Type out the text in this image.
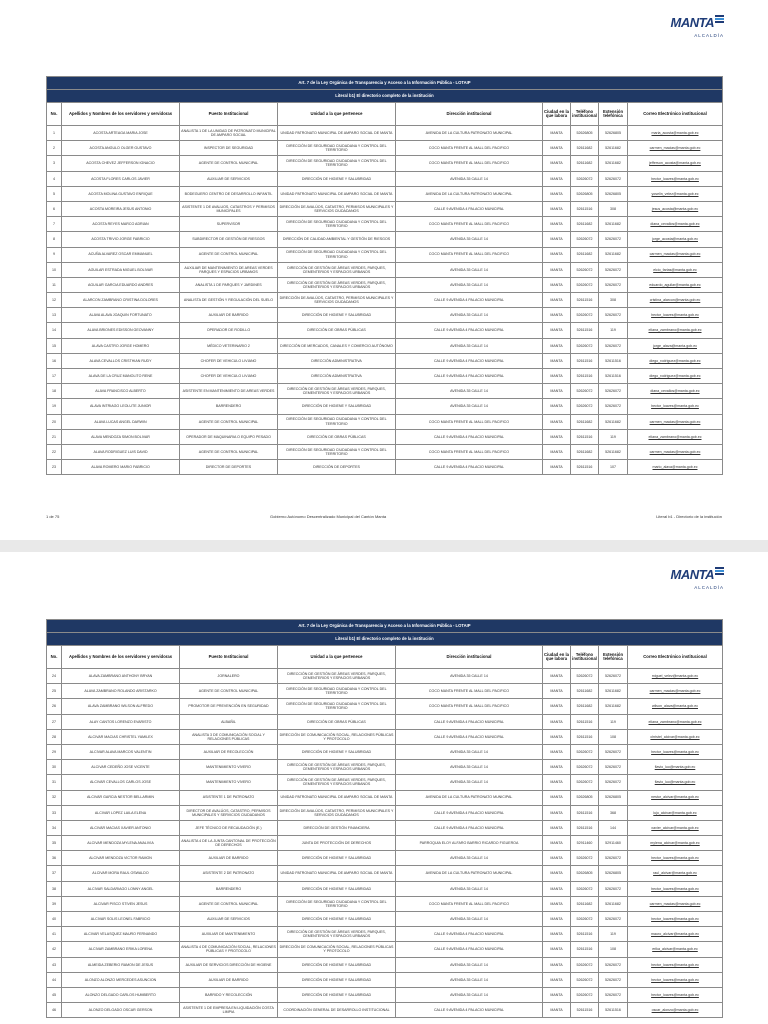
MANTA
ALCALDÍA
Art. 7 de la Ley Orgánica de Transparencia y Acceso a la Información Pública - LOTAIP								
Literal b1) El directorio completo de la institución								
No.	Apellidos y Nombres de los servidores y servidoras	Puesto Institucional	Unidad a la que pertenece	Dirección institucional	Ciudad en la que labora	Teléfono institucional	Extensión telefónica	Correo Electrónico institucional
1	ACOSTA ARTEAGA MARIA JOSE	ANALISTA 1 DE LA UNIDAD DE PATRONATO MUNICIPAL DE AMPARO SOCIAL	UNIDAD PATRONATO MUNICIPAL DE AMPARO SOCIAL DE MANTA	AVENIDA DE LA CULTURA PATRONATO MUNICIPAL	MANTA	52626805	52626805	maria_acosta@manta.gob.ec
2	ACOSTA ANGULO OLGER GUSTAVO	INSPECTOR DE SEGURIDAD	DIRECCIÓN DE SEGURIDAD CIUDADANA Y CONTROL DEL TERRITORIO	COCO MANTA FRENTE AL MALL DEL PACIFICO	MANTA	52611682	52611682	carmen_macias@manta.gob.ec
3	ACOSTA CHEVEZ JEFFERSON IGNACIO	AGENTE DE CONTROL MUNICIPAL	DIRECCIÓN DE SEGURIDAD CIUDADANA Y CONTROL DEL TERRITORIO	COCO MANTA FRENTE AL MALL DEL PACIFICO	MANTA	52611682	52611682	jefferson_acosta@manta.gob.ec
4	ACOSTA FLORES CARLOS JAVIER	AUXILIAR DE SERVICIOS	DIRECCIÓN DE HIGIENE Y SALUBRIDAD	AVENIDA 35 CALLE 14	MANTA	52626072	52626072	hector_loaves@manta.gob.ec
5	ACOSTA MOLINA GUSTAVO ENRIQUE	BODEGUERO CENTRO DE DESARROLLO INFANTIL	UNIDAD PATRONATO MUNICIPAL DE AMPARO SOCIAL DE MANTA	AVENIDA DE LA CULTURA PATRONATO MUNICIPAL	MANTA	52626805	52626805	yoselin_velez@manta.gob.ec
6	ACOSTA MOREIRA JESUS ANTONIO	ASISTENTE 1 DE AVALUOS, CATASTROS Y PERMISOS MUNICIPALES	DIRECCIÓN DE AVALÚOS, CATASTRO, PERMISOS MUNICIPALES Y SERVICIOS CIUDADANOS	CALLE 9 AVENIDA 4 PALACIO MUNICIPAL	MANTA	52611516	308	jesus_acosta@manta.gob.ec
7	ACOSTA REYES MARCO ADRIAN	SUPERVISOR	DIRECCIÓN DE SEGURIDAD CIUDADANA Y CONTROL DEL TERRITORIO	COCO MANTA FRENTE AL MALL DEL PACIFICO	MANTA	52611682	52611682	diana_cevallos@manta.gob.ec
8	ACOSTA TRIVIO JORGE FABRICIO	SUBDIRECTOR DE GESTIÓN DE RIESGOS	DIRECCIÓN DE CALIDAD AMBIENTAL Y GESTIÓN DE RIESGOS	AVENIDA 35 CALLE 14	MANTA	52626072	52626072	jorge_acosta@manta.gob.ec
9	ACUÑA ALVAREZ OSCAR EMMANUEL	AGENTE DE CONTROL MUNICIPAL	DIRECCIÓN DE SEGURIDAD CIUDADANA Y CONTROL DEL TERRITORIO	COCO MANTA FRENTE AL MALL DEL PACIFICO	MANTA	52611682	52611682	carmen_macias@manta.gob.ec
10	AGUILAR ESTRADA MIGUEL BOLIVAR	AUXILIAR DE MANTENIMIENTO DE AREAS VERDES PARQUES Y ESPACIOS URBANOS	DIRECCIÓN DE GESTIÓN DE ÁREAS VERDES, PARQUES, CEMENTERIOS Y ESPACIOS URBANOS	AVENIDA 35 CALLE 14	MANTA	52626072	52626072	elcio_farias@manta.gob.ec
11	AGUILAR GARCIA EDUARDO ANDRES	ANALISTA 1 DE PARQUES Y JARDINES	DIRECCIÓN DE GESTIÓN DE ÁREAS VERDES, PARQUES, CEMENTERIOS Y ESPACIOS URBANOS	AVENIDA 35 CALLE 14	MANTA	52626072	52626072	eduardo_aguilar@manta.gob.ec
12	ALARCON ZAMBRANO CRISTINA DOLORES	ANALISTA DE GESTIÓN Y REGULACIÓN DEL SUELO	DIRECCIÓN DE AVALÚOS, CATASTRO, PERMISOS MUNICIPALES Y SERVICIOS CIUDADANOS	CALLE 9 AVENIDA 4 PALACIO MUNICIPAL	MANTA	52611516	308	cristina_alarcon@manta.gob.ec
13	ALAVA ALAVA JOAQUIN FORTUNATO	AUXILIAR DE BARRIDO	DIRECCIÓN DE HIGIENE Y SALUBRIDAD	AVENIDA 35 CALLE 14	MANTA	52626072	52626072	hector_loaves@manta.gob.ec
14	ALAVA BRIONES EDISSON GEOVANNY	OPERADOR DE RODILLO	DIRECCIÓN DE OBRAS PÚBLICAS	CALLE 9 AVENIDA 4 PALACIO MUNICIPAL	MANTA	52611516	119	eliana_zambrano@manta.gob.ec
15	ALAVA CASTRO JORGE HOMERO	MÉDICO VETERINARIO 2	DIRECCIÓN DE MERCADOS, CANALES Y COMERCIO AUTÓNOMO	AVENIDA 35 CALLE 14	MANTA	52626072	52626072	jorge_alava@manta.gob.ec
16	ALAVA CEVALLOS CRISTHIAN RUDY	CHOFER DE VEHICULO LIVIANO	DIRECCIÓN ADMINISTRATIVA	CALLE 9 AVENIDA 4 PALACIO MUNICIPAL	MANTA	52611516	52611516	diego_rodriguez@manta.gob.ec
17	ALAVA DE LA CRUZ MANOLITO RENE	CHOFER DE VEHICULO LIVIANO	DIRECCIÓN ADMINISTRATIVA	CALLE 9 AVENIDA 4 PALACIO MUNICIPAL	MANTA	52611516	52611516	diego_rodriguez@manta.gob.ec
18	ALAVA FRANCISCO ALBERTO	ASISTENTE EN MANTENIMIENTO DE AREAS VERDES	DIRECCIÓN DE GESTIÓN DE ÁREAS VERDES, PARQUES, CEMENTERIOS Y ESPACIOS URBANOS	AVENIDA 35 CALLE 14	MANTA	52626072	52626072	diana_cevallos@manta.gob.ec
19	ALAVA INTRIAGO LEOLUTE JUNIOR	BARRENDERO	DIRECCIÓN DE HIGIENE Y SALUBRIDAD	AVENIDA 35 CALLE 14	MANTA	52626072	52626072	hector_loaves@manta.gob.ec
20	ALAVA LUCAS ANGEL DARWIN	AGENTE DE CONTROL MUNICIPAL	DIRECCIÓN DE SEGURIDAD CIUDADANA Y CONTROL DEL TERRITORIO	COCO MANTA FRENTE AL MALL DEL PACIFICO	MANTA	52611682	52611682	carmen_macias@manta.gob.ec
21	ALAVA MENDOZA SIMON BOLIVAR	OPERADOR DE MAQUINARIA O EQUIPO PESADO	DIRECCIÓN DE OBRAS PÚBLICAS	CALLE 9 AVENIDA 4 PALACIO MUNICIPAL	MANTA	52611516	119	eliana_zambrano@manta.gob.ec
22	ALAVA RODRIGUEZ LUIS DAVID	AGENTE DE CONTROL MUNICIPAL	DIRECCIÓN DE SEGURIDAD CIUDADANA Y CONTROL DEL TERRITORIO	COCO MANTA FRENTE AL MALL DEL PACIFICO	MANTA	52611682	52611682	carmen_macias@manta.gob.ec
23	ALAVA ROMERO MARIO FABRICIO	DIRECTOR DE DEPORTES	DIRECCIÓN DE DEPORTES	CALLE 9 AVENIDA 4 PALACIO MUNICIPAL	MANTA	52611516	107	mario_alava@manta.gob.ec
1 de 75	Gobierno Autónomo Descentralizado Municipal del Cantón Manta	Literal b1 - Directorio de la institución
MANTA
ALCALDÍA
Art. 7 de la Ley Orgánica de Transparencia y Acceso a la Información Pública - LOTAIP								
Literal b1) El directorio completo de la institución								
No.	Apellidos y Nombres de los servidores y servidoras	Puesto Institucional	Unidad a la que pertenece	Dirección institucional	Ciudad en la que labora	Teléfono institucional	Extensión telefónica	Correo Electrónico institucional
24	ALAVA ZAMBRANO ANTHONY BRYAN	JORNALERO	DIRECCIÓN DE GESTIÓN DE ÁREAS VERDES, PARQUES, CEMENTERIOS Y ESPACIOS URBANOS	AVENIDA 35 CALLE 14	MANTA	52626072	52626072	miguel_velez@manta.gob.ec
25	ALAVA ZAMBRANO ROLANDO ARISTARKO	AGENTE DE CONTROL MUNICIPAL	DIRECCIÓN DE SEGURIDAD CIUDADANA Y CONTROL DEL TERRITORIO	COCO MANTA FRENTE AL MALL DEL PACIFICO	MANTA	52611682	52611682	carmen_macias@manta.gob.ec
26	ALAVA ZAMBRANO WILSON ALFREDO	PROMOTOR DE PREVENCIÓN EN SEGURIDAD	DIRECCIÓN DE SEGURIDAD CIUDADANA Y CONTROL DEL TERRITORIO	COCO MANTA FRENTE AL MALL DEL PACIFICO	MANTA	52611682	52611682	wilson_alava@manta.gob.ec
27	ALAY CANTOS LORENZO EVARISTO	ALBAÑIL	DIRECCIÓN DE OBRAS PÚBLICAS	CALLE 9 AVENIDA 4 PALACIO MUNICIPAL	MANTA	52611516	119	eliana_zambrano@manta.gob.ec
28	ALCIVAR MACIAS CHRISTEL YAMILEX	ANALISTA 3 DE COMUNICACIÓN SOCIAL Y RELACIONES PÚBLICAS	DIRECCIÓN DE COMUNICACIÓN SOCIAL, RELACIONES PÚBLICAS Y PROTOCOLO	CALLE 9 AVENIDA 4 PALACIO MUNICIPAL	MANTA	52611516	108	christel_alcivar@manta.gob.ec
29	ALCIVAR ALAVA MARCOS VALENTIN	AUXILIAR DE RECOLECCIÓN	DIRECCIÓN DE HIGIENE Y SALUBRIDAD	AVENIDA 35 CALLE 14	MANTA	52626072	52626072	hector_loaves@manta.gob.ec
30	ALCIVAR CEDEÑO JOSE VICENTE	MANTENIMIENTO VIVERO	DIRECCIÓN DE GESTIÓN DE ÁREAS VERDES, PARQUES, CEMENTERIOS Y ESPACIOS URBANOS	AVENIDA 35 CALLE 14	MANTA	52626072	52626072	flavio_luo@manta.gob.ec
31	ALCIVAR CEVALLOS CARLOS JOSE	MANTENIMIENTO VIVERO	DIRECCIÓN DE GESTIÓN DE ÁREAS VERDES, PARQUES, CEMENTERIOS Y ESPACIOS URBANOS	AVENIDA 35 CALLE 14	MANTA	52626072	52626072	flavio_luo@manta.gob.ec
32	ALCIVAR GARCIA NESTOR BELLARMIN	ASISTENTE 1 DE PATRONATO	UNIDAD PATRONATO MUNICIPAL DE AMPARO SOCIAL DE MANTA	AVENIDA DE LA CULTURA PATRONATO MUNICIPAL	MANTA	52626805	52626805	nestor_alcivar@manta.gob.ec
33	ALCIVAR LOPEZ LAILA ELENA	DIRECTOR DE AVALÚOS, CATASTRO, PERMISOS MUNICIPALES Y SERVICIOS CIUDADANOS	DIRECCIÓN DE AVALÚOS, CATASTRO, PERMISOS MUNICIPALES Y SERVICIOS CIUDADANOS	CALLE 9 AVENIDA 4 PALACIO MUNICIPAL	MANTA	52611516	368	lujo_alcivar@manta.gob.ec
34	ALCIVAR MACIAS XAVIER ANTONIO	JEFE TÉCNICO DE RECAUDACIÓN (E.)	DIRECCIÓN DE GESTIÓN FINANCIERA	CALLE 9 AVENIDA 4 PALACIO MUNICIPAL	MANTA	52611516	144	xavier_alcivar@manta.gob.ec
35	ALCIVAR MENDOZA MYLENA ANALIVIA	ANALISTA 4 DE LA JUNTA CANTONAL DE PROTECCIÓN DE DERECHOS	JUNTA DE PROTECCIÓN DE DERECHOS	PARROQUIA ELOY ALFARO BARRIO RICARDO FIGUEROA	MANTA	52911460	52911460	mylena_alcivar@manta.gob.ec
36	ALCIVAR MENDOZA VICTOR RAMON	AUXILIAR DE BARRIDO	DIRECCIÓN DE HIGIENE Y SALUBRIDAD	AVENIDA 35 CALLE 14	MANTA	52626072	52626072	hector_loaves@manta.gob.ec
37	ALCIVAR MORA RAUL OSWALDO	ASISTENTE 2 DE PATRONATO	UNIDAD PATRONATO MUNICIPAL DE AMPARO SOCIAL DE MANTA	AVENIDA DE LA CULTURA PATRONATO MUNICIPAL	MANTA	52626805	52626805	raul_alcivar@manta.gob.ec
38	ALCIVAR SALDARIAGO LONNY ANGEL	BARRENDERO	DIRECCIÓN DE HIGIENE Y SALUBRIDAD	AVENIDA 35 CALLE 14	MANTA	52626072	52626072	hector_loaves@manta.gob.ec
39	ALCIVAR PISCO STIVEN JESUS	AGENTE DE CONTROL MUNICIPAL	DIRECCIÓN DE SEGURIDAD CIUDADANA Y CONTROL DEL TERRITORIO	COCO MANTA FRENTE AL MALL DEL PACIFICO	MANTA	52611682	52611682	carmen_macias@manta.gob.ec
40	ALCIVAR SOLIS LEONEL FABRICIO	AUXILIAR DE SERVICIOS	DIRECCIÓN DE HIGIENE Y SALUBRIDAD	AVENIDA 35 CALLE 14	MANTA	52626072	52626072	hector_loaves@manta.gob.ec
41	ALCIVAR VELASQUEZ MAURO FERNANDO	AUXILIAR DE MANTENIMIENTO	DIRECCIÓN DE GESTIÓN DE ÁREAS VERDES, PARQUES, CEMENTERIOS Y ESPACIOS URBANOS	CALLE 9 AVENIDA 4 PALACIO MUNICIPAL	MANTA	52611516	119	mauro_alcivar@manta.gob.ec
42	ALCIVAR ZAMBRANO ERIKA LORENA	ANALISTA 4 DE COMUNICACIÓN SOCIAL, RELACIONES PÚBLICAS Y PROTOCOLO	DIRECCIÓN DE COMUNICACIÓN SOCIAL, RELACIONES PÚBLICAS Y PROTOCOLO	CALLE 9 AVENIDA 4 PALACIO MUNICIPAL	MANTA	52611516	108	erika_alcivar@manta.gob.ec
43	ALMEIDA ZEBERIO RAMON DE JESUS	AUXILIAR DE SERVICIOS DIRECCIÓN DE HIGIENE	DIRECCIÓN DE HIGIENE Y SALUBRIDAD	AVENIDA 35 CALLE 14	MANTA	52626072	52626072	hector_loaves@manta.gob.ec
44	ALONZO ALONZO MERCEDES ASUNCION	AUXILIAR DE BARRIDO	DIRECCIÓN DE HIGIENE Y SALUBRIDAD	AVENIDA 35 CALLE 14	MANTA	52626072	52626072	hector_loaves@manta.gob.ec
45	ALONZO DELGADO CARLOS HUMBERTO	BARRIDO Y RECOLECCIÓN	DIRECCIÓN DE HIGIENE Y SALUBRIDAD	AVENIDA 35 CALLE 14	MANTA	52626072	52626072	hector_loaves@manta.gob.ec
46	ALONZO DELGADO OSCAR GERSON	ASISTENTE 1 DE EMPRESA EN LIQUIDACIÓN COSTA LIMPIA	COORDINACIÓN GENERAL DE DESARROLLO INSTITUCIONAL	CALLE 9 AVENIDA 4 PALACIO MUNICIPAL	MANTA	52611516	52611516	oscar_alonzo@manta.gob.ec
